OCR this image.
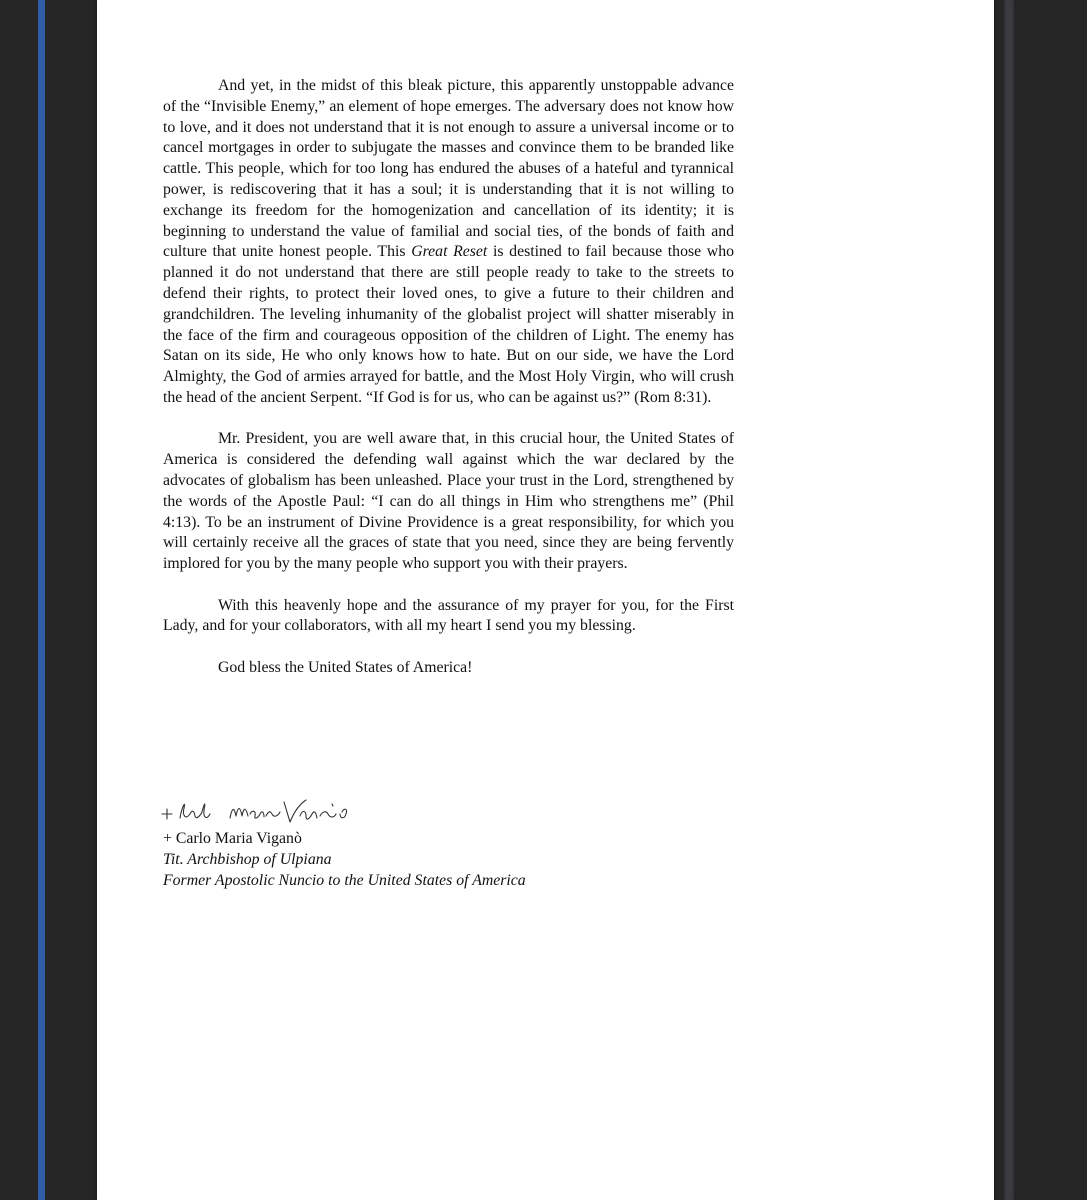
And yet, in the midst of this bleak picture, this apparently unstoppable advance of the “Invisible Enemy,” an element of hope emerges. The adversary does not know how to love, and it does not understand that it is not enough to assure a universal income or to cancel mortgages in order to subjugate the masses and convince them to be branded like cattle. This people, which for too long has endured the abuses of a hateful and tyrannical power, is rediscovering that it has a soul; it is understanding that it is not willing to exchange its freedom for the homogenization and cancellation of its identity; it is beginning to understand the value of familial and social ties, of the bonds of faith and culture that unite honest people. This Great Reset is destined to fail because those who planned it do not understand that there are still people ready to take to the streets to defend their rights, to protect their loved ones, to give a future to their children and grandchildren. The leveling inhumanity of the globalist project will shatter miserably in the face of the firm and courageous opposition of the children of Light. The enemy has Satan on its side, He who only knows how to hate. But on our side, we have the Lord Almighty, the God of armies arrayed for battle, and the Most Holy Virgin, who will crush the head of the ancient Serpent. “If God is for us, who can be against us?” (Rom 8:31).

Mr. President, you are well aware that, in this crucial hour, the United States of America is considered the defending wall against which the war declared by the advocates of globalism has been unleashed. Place your trust in the Lord, strengthened by the words of the Apostle Paul: “I can do all things in Him who strengthens me” (Phil 4:13). To be an instrument of Divine Providence is a great responsibility, for which you will certainly receive all the graces of state that you need, since they are being fervently implored for you by the many people who support you with their prayers.

With this heavenly hope and the assurance of my prayer for you, for the First Lady, and for your collaborators, with all my heart I send you my blessing.

God bless the United States of America!

+ Carlo Maria Viganò
Tit. Archbishop of Ulpiana
Former Apostolic Nuncio to the United States of America
